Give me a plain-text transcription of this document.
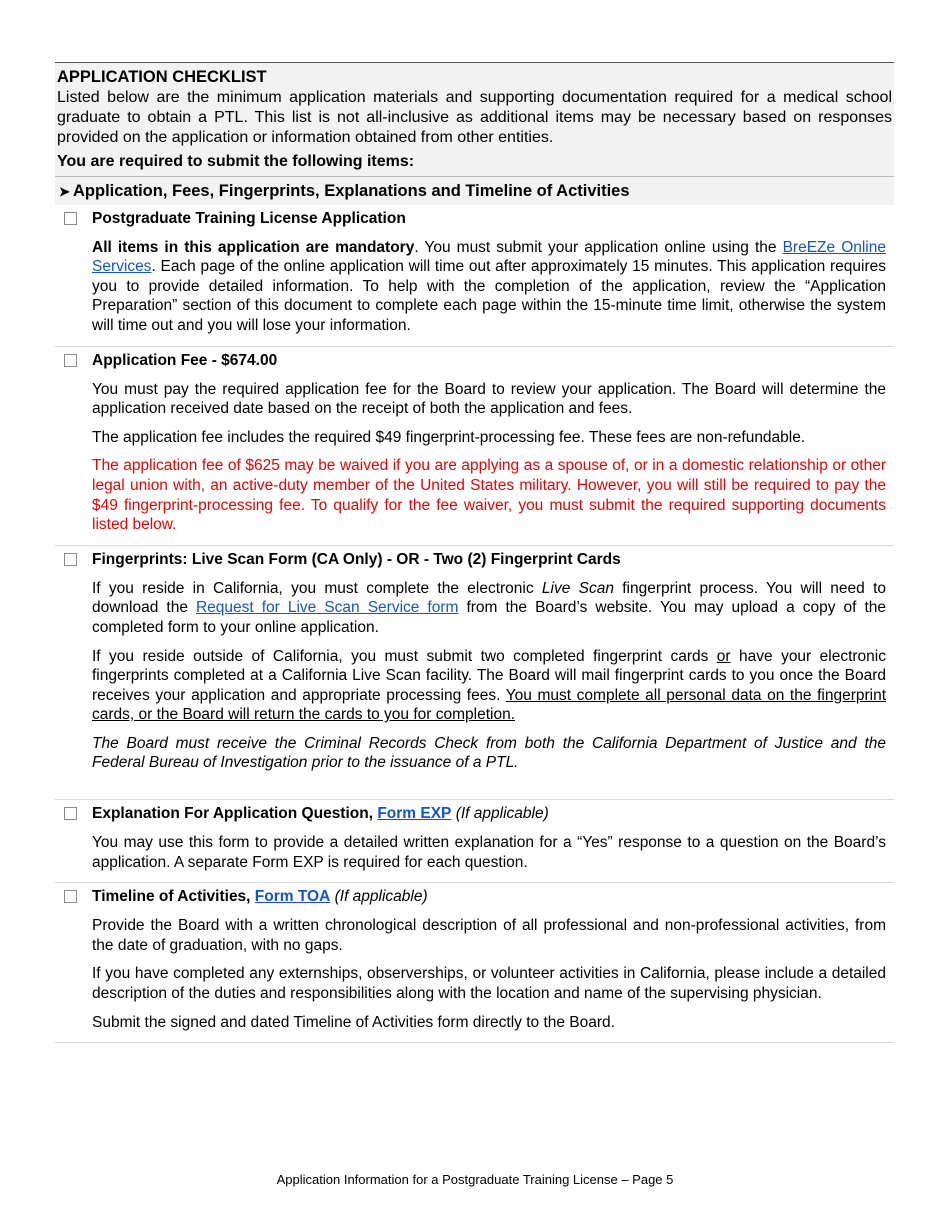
APPLICATION CHECKLIST
Listed below are the minimum application materials and supporting documentation required for a medical school graduate to obtain a PTL. This list is not all-inclusive as additional items may be necessary based on responses provided on the application or information obtained from other entities.
You are required to submit the following items:
➤ Application, Fees, Fingerprints, Explanations and Timeline of Activities
Postgraduate Training License Application

All items in this application are mandatory. You must submit your application online using the BreEZe Online Services. Each page of the online application will time out after approximately 15 minutes. This application requires you to provide detailed information. To help with the completion of the application, review the “Application Preparation” section of this document to complete each page within the 15-minute time limit, otherwise the system will time out and you will lose your information.

Application Fee - $674.00

You must pay the required application fee for the Board to review your application. The Board will determine the application received date based on the receipt of both the application and fees.

The application fee includes the required $49 fingerprint-processing fee. These fees are non-refundable.

The application fee of $625 may be waived if you are applying as a spouse of, or in a domestic relationship or other legal union with, an active-duty member of the United States military. However, you will still be required to pay the $49 fingerprint-processing fee. To qualify for the fee waiver, you must submit the required supporting documents listed below.

Fingerprints: Live Scan Form (CA Only) - OR - Two (2) Fingerprint Cards

If you reside in California, you must complete the electronic Live Scan fingerprint process. You will need to download the Request for Live Scan Service form from the Board’s website. You may upload a copy of the completed form to your online application.

If you reside outside of California, you must submit two completed fingerprint cards or have your electronic fingerprints completed at a California Live Scan facility. The Board will mail fingerprint cards to you once the Board receives your application and appropriate processing fees. You must complete all personal data on the fingerprint cards, or the Board will return the cards to you for completion.

The Board must receive the Criminal Records Check from both the California Department of Justice and the Federal Bureau of Investigation prior to the issuance of a PTL.

Explanation For Application Question, Form EXP (If applicable)

You may use this form to provide a detailed written explanation for a “Yes” response to a question on the Board’s application. A separate Form EXP is required for each question.

Timeline of Activities, Form TOA (If applicable)

Provide the Board with a written chronological description of all professional and non-professional activities, from the date of graduation, with no gaps.

If you have completed any externships, observerships, or volunteer activities in California, please include a detailed description of the duties and responsibilities along with the location and name of the supervising physician.

Submit the signed and dated Timeline of Activities form directly to the Board.

Application Information for a Postgraduate Training License – Page 5
